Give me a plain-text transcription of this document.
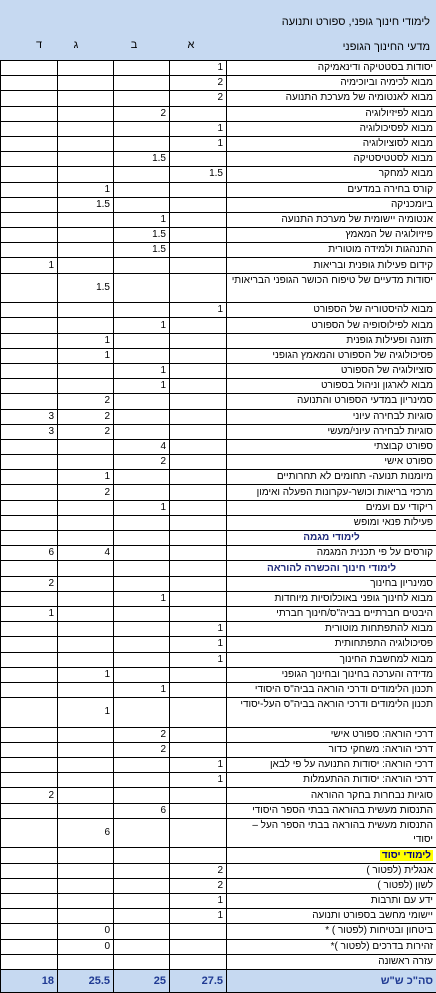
לימודי חינוך גופני, ספורט ותנועה
מדעי החינוך הגופני
ד	ג	ב	א
			1	יסודות בסטטיקה ודינאמיקה
			2	מבוא לכימיה וביוכימיה
			2	מבוא לאנטומיה של מערכת התנועה
		2		מבוא לפיזיולוגיה
			1	מבוא לפסיכולוגיה
			1	מבוא לסוציולוגיה
		1.5		מבוא לסטטיסטיקה
			1.5	מבוא למחקר
	1			קורס בחירה במדעים
	1.5			ביומכניקה
		1		אנטומיה יישומית של מערכת התנועה
		1.5		פיזיולוגיה של המאמץ
		1.5		התנהגות ולמידה מוטורית
1				קידום פעילות גופנית ובריאות
	1.5			יסודות מדעיים של טיפוח הכושר הגופני הבריאותי
			1	מבוא להיסטוריה של הספורט
		1		מבוא לפילוסופיה של הספורט
	1			תזונה ופעילות גופנית
	1			פסיכולוגיה של הספורט והמאמץ הגופני
		1		סוציולוגיה של הספורט
		1		מבוא לארגון וניהול בספורט
	2			סמינריון במדעי הספורט והתנועה
3	2			סוגיות לבחירה עיוני
3	2			סוגיות לבחירה עיוני/מעשי
		4		ספורט קבוצתי
		2		ספורט אישי
	1			מיומנות תנועה- תחומים לא תחרותיים
	2			מרכזי בריאות וכושר-עקרונות הפעלה ואימון
		1		ריקודי עם ועמים
				פעילות פנאי ומופש
				לימודי מגמה
6	4			קורסים על פי תכנית המגמה
				לימודי חינוך והכשרה להוראה
2				סמינריון בחינוך
		1		מבוא לחינוך גופני באוכלוסיות מיוחדות
1				היבטים חברתיים בביה"ס/חינוך חברתי
			1	מבוא להתפתחות מוטורית
			1	פסיכולוגיה התפתחותית
			1	מבוא למחשבת החינוך
	1			מדידה והערכה בחינוך ובחינוך הגופני
		1		תכנון הלימודים ודרכי הוראה בביה"ס היסודי
	1			תכנון הלימודים ודרכי הוראה בביה"ס העל-יסודי
		2		דרכי הוראה: ספורט אישי
		2		דרכי הוראה: משחקי כדור
			1	דרכי הוראה: יסודות התנועה על פי לבאן
			1	דרכי הוראה: יסודות ההתעמלות
2				סוגיות נבחרות בחקר ההוראה
		6		התנסות מעשית בהוראה בבתי הספר היסודי
	6			התנסות מעשית בהוראה בבתי הספר העל – יסודי
				לימודי יסוד
			2	אנגלית (לפטור )
			2	לשון (לפטור )
			1	ידע עם ותרבות
			1	יישומי מחשב בספורט ותנועה
	0			ביטחון ובטיחות (לפטור ) *
	0			זהירות בדרכים (לפטור )*
				עזרה ראשונה
18	25.5	25	27.5	סה"כ ש"ש
